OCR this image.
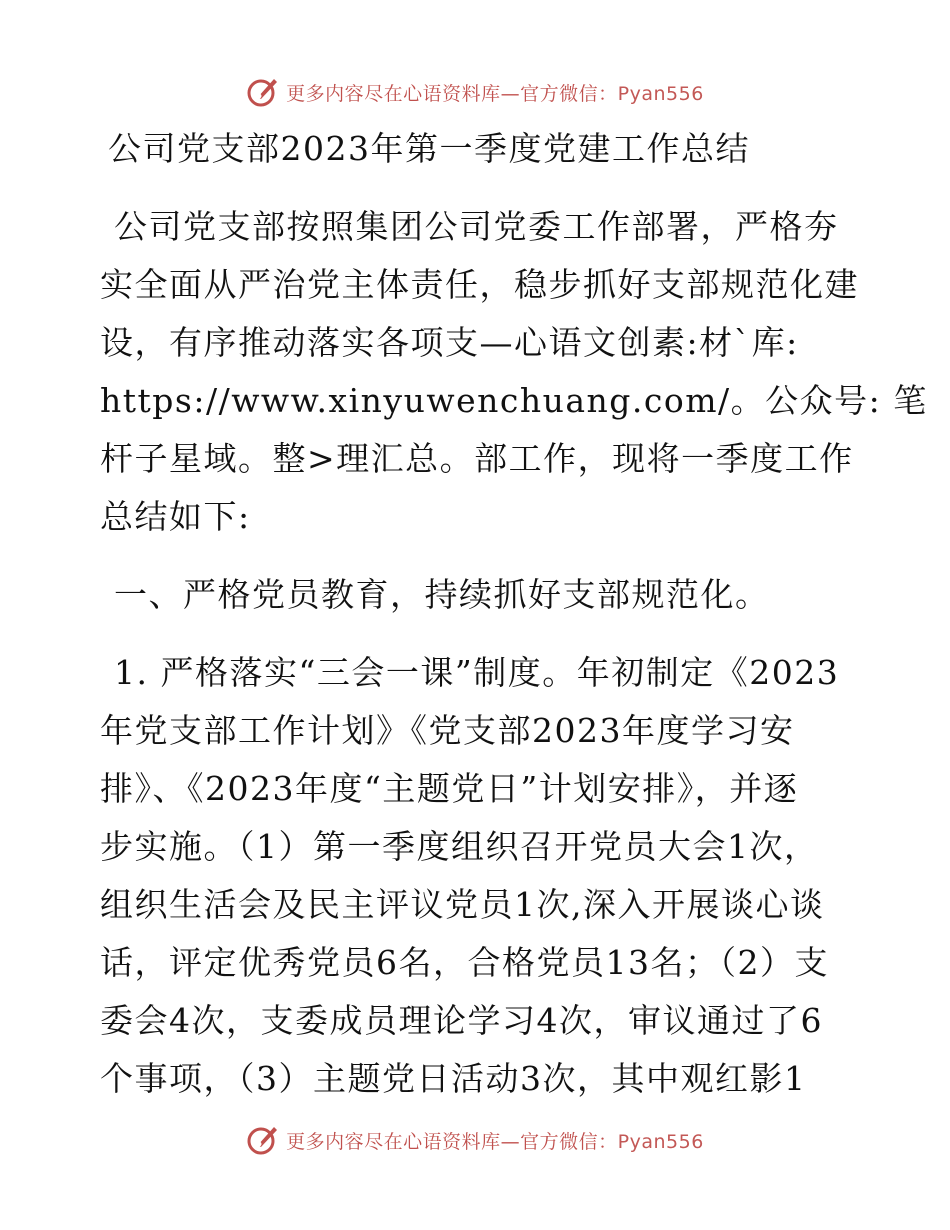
更多内容尽在心语资料库—官方微信：Pyan556
公司党支部2023年第一季度党建工作总结
公司党支部按照集团公司党委工作部署，严格夯
实全面从严治党主体责任，稳步抓好支部规范化建
设，有序推动落实各项支—心语文创素:材`库:
https://www.xinyuwenchuang.com/。公众号: 笔
杆子星域。整>理汇总。部工作，现将一季度工作
总结如下:
一、严格党员教育，持续抓好支部规范化。
1. 严格落实“三会一课”制度。年初制定《2023
年党支部工作计划》《党支部2023年度学习安
排》、《2023年度“主题党日”计划安排》，并逐
步实施。（1）第一季度组织召开党员大会1次，
组织生活会及民主评议党员1次,深入开展谈心谈
话，评定优秀党员6名，合格党员13名；（2）支
委会4次，支委成员理论学习4次，审议通过了6
个事项，（3）主题党日活动3次，其中观红影1
更多内容尽在心语资料库—官方微信：Pyan556
